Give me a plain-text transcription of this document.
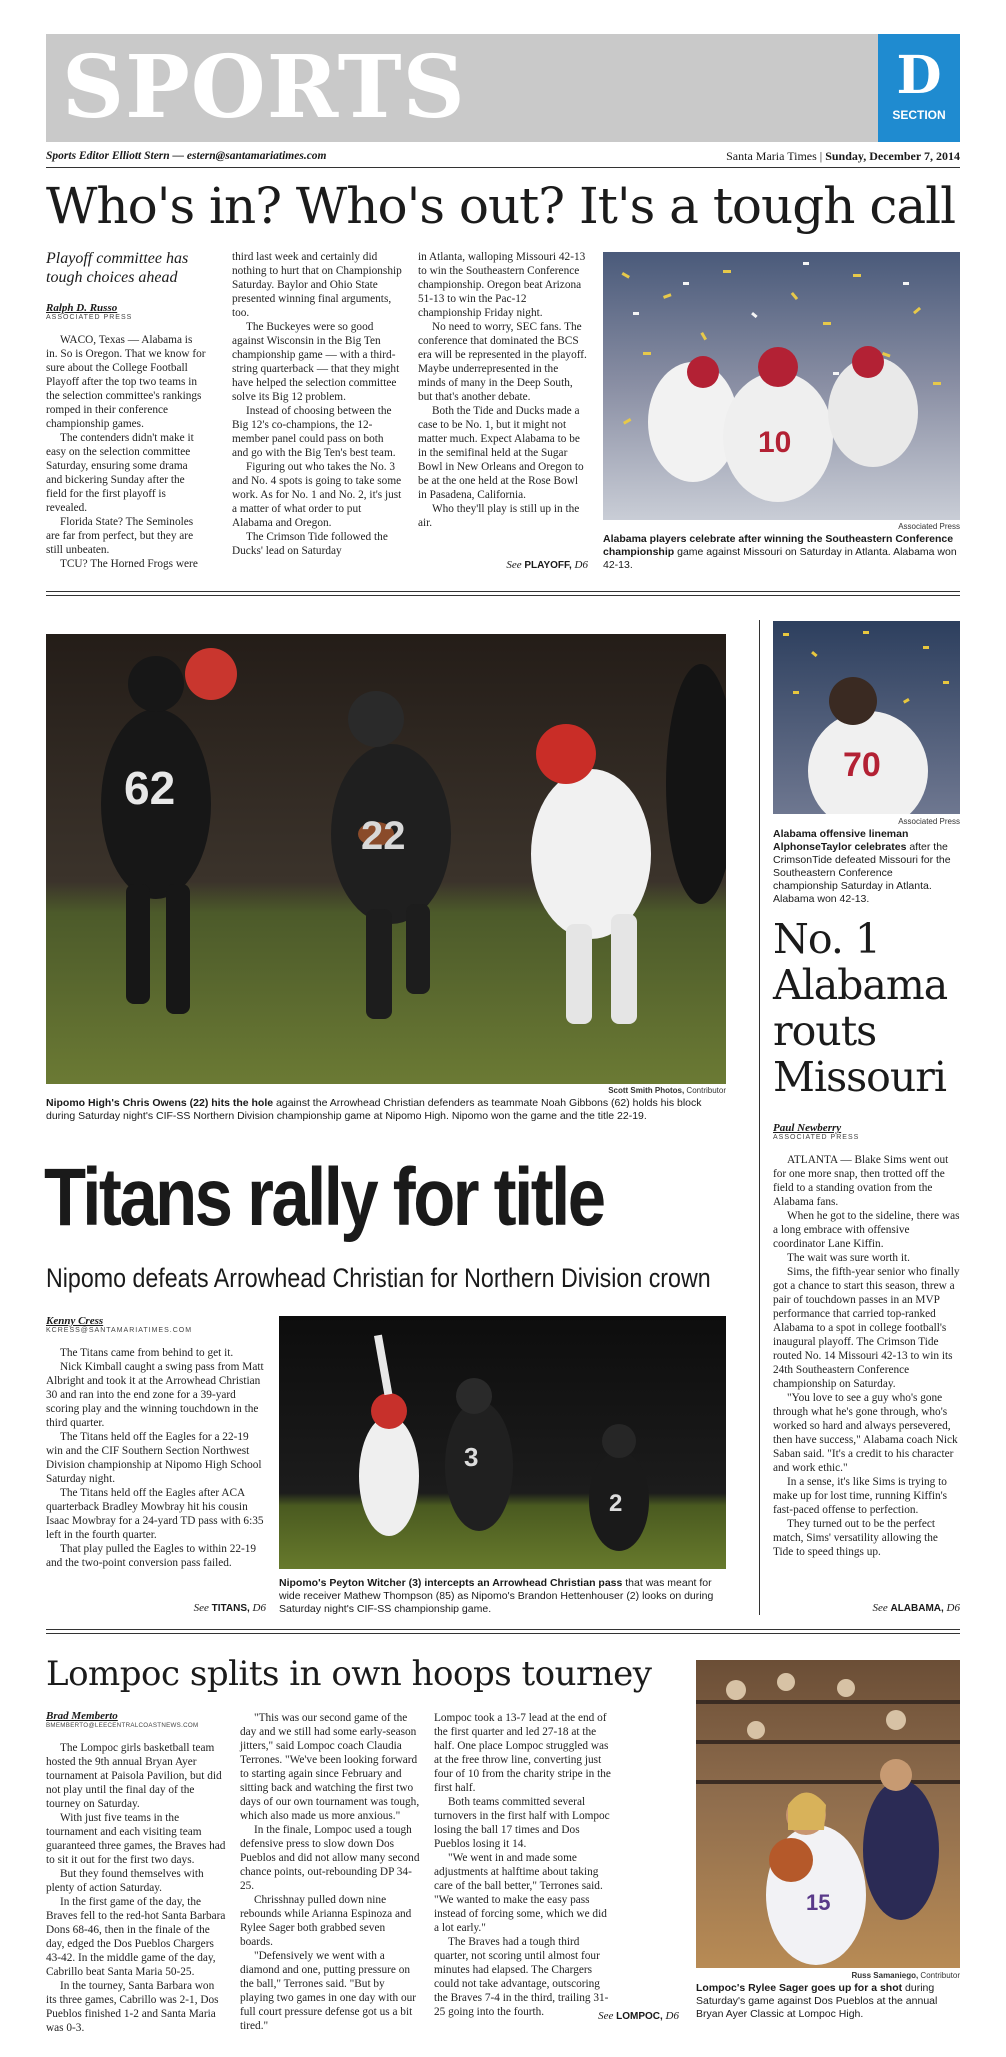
SPORTS	D
SECTION
Sports Editor Elliott Stern — estern@santamariatimes.com	Santa Maria Times | Sunday, December 7, 2014
Who's in? Who's out? It's a tough call
Playoff committee has tough choices ahead
Ralph D. Russo
ASSOCIATED PRESS

WACO, Texas — Alabama is in. So is Oregon. That we know for sure about the College Football Playoff after the top two teams in the selection committee's rankings romped in their conference championship games.

The contenders didn't make it easy on the selection committee Saturday, ensuring some drama and bickering Sunday after the field for the first playoff is revealed.

Florida State? The Seminoles are far from perfect, but they are still unbeaten.

TCU? The Horned Frogs were

third last week and certainly did nothing to hurt that on Championship Saturday. Baylor and Ohio State presented winning final arguments, too.

The Buckeyes were so good against Wisconsin in the Big Ten championship game — with a third-string quarterback — that they might have helped the selection committee solve its Big 12 problem.

Instead of choosing between the Big 12's co-champions, the 12-member panel could pass on both and go with the Big Ten's best team.

Figuring out who takes the No. 3 and No. 4 spots is going to take some work. As for No. 1 and No. 2, it's just a matter of what order to put Alabama and Oregon.

The Crimson Tide followed the Ducks' lead on Saturday

in Atlanta, walloping Missouri 42-13 to win the Southeastern Conference championship. Oregon beat Arizona 51-13 to win the Pac-12 championship Friday night.

No need to worry, SEC fans. The conference that dominated the BCS era will be represented in the playoff. Maybe underrepresented in the minds of many in the Deep South, but that's another debate.

Both the Tide and Ducks made a case to be No. 1, but it might not matter much. Expect Alabama to be in the semifinal held at the Sugar Bowl in New Orleans and Oregon to be at the one held at the Rose Bowl in Pasadena, California.

Who they'll play is still up in the air.

See PLAYOFF, D6
10
Associated Press
Alabama players celebrate after winning the Southeastern Conference championship game against Missouri on Saturday in Atlanta. Alabama won 42-13.
62
22
Scott Smith Photos, Contributor
Nipomo High's Chris Owens (22) hits the hole against the Arrowhead Christian defenders as teammate Noah Gibbons (62) holds his block during Saturday night's CIF-SS Northern Division championship game at Nipomo High. Nipomo won the game and the title 22-19.
Titans rally for title
Nipomo defeats Arrowhead Christian for Northern Division crown
Kenny Cress
KCRESS@SANTAMARIATIMES.COM

The Titans came from behind to get it.

Nick Kimball caught a swing pass from Matt Albright and took it at the Arrowhead Christian 30 and ran into the end zone for a 39-yard scoring play and the winning touchdown in the third quarter.

The Titans held off the Eagles for a 22-19 win and the CIF Southern Section Northwest Division championship at Nipomo High School Saturday night.

The Titans held off the Eagles after ACA quarterback Bradley Mowbray hit his cousin Isaac Mowbray for a 24-yard TD pass with 6:35 left in the fourth quarter.

That play pulled the Eagles to within 22-19 and the two-point conversion pass failed.

See TITANS, D6
3
2
Nipomo's Peyton Witcher (3) intercepts an Arrowhead Christian pass that was meant for wide receiver Mathew Thompson (85) as Nipomo's Brandon Hettenhouser (2) looks on during Saturday night's CIF-SS championship game.
70
Associated Press
Alabama offensive lineman AlphonseTaylor celebrates after the CrimsonTide defeated Missouri for the Southeastern Conference championship Saturday in Atlanta. Alabama won 42-13.
No. 1
Alabama
routs
Missouri
Paul Newberry
ASSOCIATED PRESS

ATLANTA — Blake Sims went out for one more snap, then trotted off the field to a standing ovation from the Alabama fans.

When he got to the sideline, there was a long embrace with offensive coordinator Lane Kiffin.

The wait was sure worth it.

Sims, the fifth-year senior who finally got a chance to start this season, threw a pair of touchdown passes in an MVP performance that carried top-ranked Alabama to a spot in college football's inaugural playoff. The Crimson Tide routed No. 14 Missouri 42-13 to win its 24th Southeastern Conference championship on Saturday.

"You love to see a guy who's gone through what he's gone through, who's worked so hard and always persevered, then have success," Alabama coach Nick Saban said. "It's a credit to his character and work ethic."

In a sense, it's like Sims is trying to make up for lost time, running Kiffin's fast-paced offense to perfection.

They turned out to be the perfect match, Sims' versatility allowing the Tide to speed things up.

See ALABAMA, D6
Lompoc splits in own hoops tourney
Brad Memberto
BMEMBERTO@LEECENTRALCOASTNEWS.COM

The Lompoc girls basketball team hosted the 9th annual Bryan Ayer tournament at Paisola Pavilion, but did not play until the final day of the tourney on Saturday.

With just five teams in the tournament and each visiting team guaranteed three games, the Braves had to sit it out for the first two days.

But they found themselves with plenty of action Saturday.

In the first game of the day, the Braves fell to the red-hot Santa Barbara Dons 68-46, then in the finale of the day, edged the Dos Pueblos Chargers 43-42. In the middle game of the day, Cabrillo beat Santa Maria 50-25.

In the tourney, Santa Barbara won its three games, Cabrillo was 2-1, Dos Pueblos finished 1-2 and Santa Maria was 0-3.

"This was our second game of the day and we still had some early-season jitters," said Lompoc coach Claudia Terrones. "We've been looking forward to starting again since February and sitting back and watching the first two days of our own tournament was tough, which also made us more anxious."

In the finale, Lompoc used a tough defensive press to slow down Dos Pueblos and did not allow many second chance points, out-rebounding DP 34-25.

Chrisshnay pulled down nine rebounds while Arianna Espinoza and Rylee Sager both grabbed seven boards.

"Defensively we went with a diamond and one, putting pressure on the ball," Terrones said. "But by playing two games in one day with our full court pressure defense got us a bit tired."

Lompoc took a 13-7 lead at the end of the first quarter and led 27-18 at the half. One place Lompoc struggled was at the free throw line, converting just four of 10 from the charity stripe in the first half.

Both teams committed several turnovers in the first half with Lompoc losing the ball 17 times and Dos Pueblos losing it 14.

"We went in and made some adjustments at halftime about taking care of the ball better," Terrones said. "We wanted to make the easy pass instead of forcing some, which we did a lot early."

The Braves had a tough third quarter, not scoring until almost four minutes had elapsed. The Chargers could not take advantage, outscoring the Braves 7-4 in the third, trailing 31-25 going into the fourth.	See LOMPOC, D6
15
Russ Samaniego, Contributor
Lompoc's Rylee Sager goes up for a shot during Saturday's game against Dos Pueblos at the annual Bryan Ayer Classic at Lompoc High.
